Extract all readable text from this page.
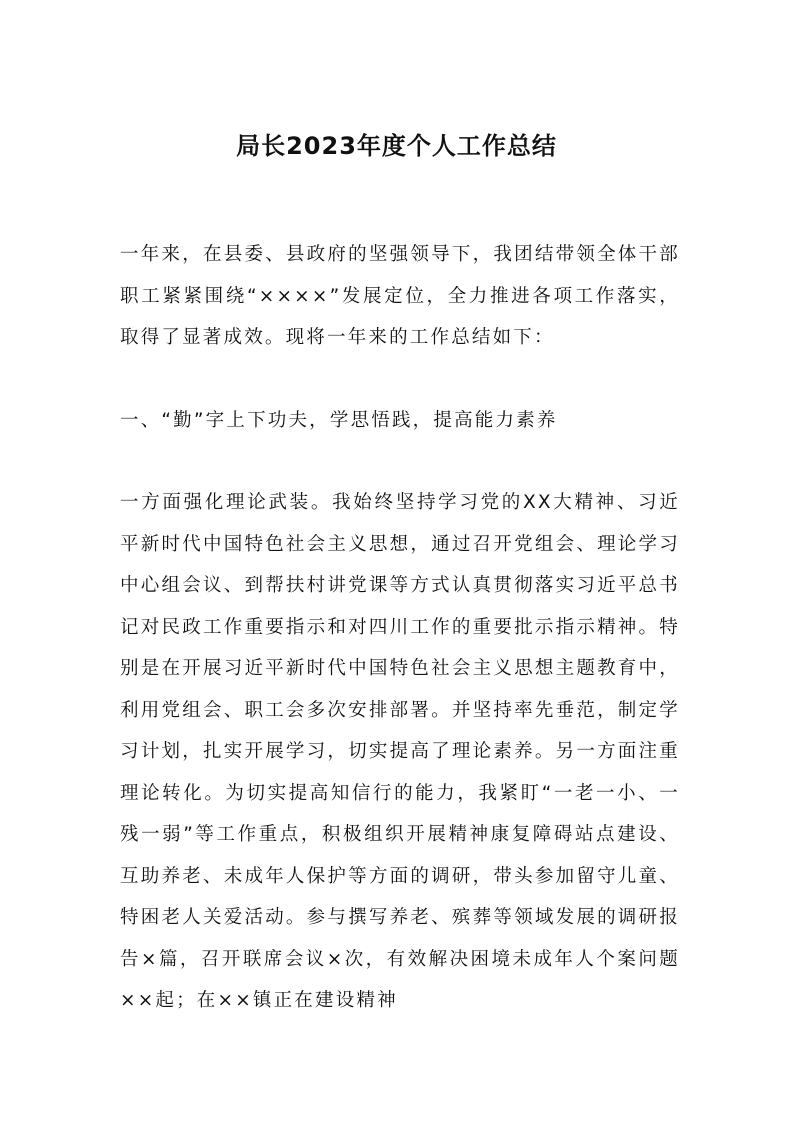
局长2023年度个人工作总结

一年来，在县委、县政府的坚强领导下，我团结带领全体干部职工紧紧围绕“××××”发展定位，全力推进各项工作落实，取得了显著成效。现将一年来的工作总结如下：

一、“勤”字上下功夫，学思悟践，提高能力素养

一方面强化理论武装。我始终坚持学习党的XX大精神、习近平新时代中国特色社会主义思想，通过召开党组会、理论学习中心组会议、到帮扶村讲党课等方式认真贯彻落实习近平总书记对民政工作重要指示和对四川工作的重要批示指示精神。特别是在开展习近平新时代中国特色社会主义思想主题教育中，利用党组会、职工会多次安排部署。并坚持率先垂范，制定学习计划，扎实开展学习，切实提高了理论素养。另一方面注重理论转化。为切实提高知信行的能力，我紧盯“一老一小、一残一弱”等工作重点，积极组织开展精神康复障碍站点建设、互助养老、未成年人保护等方面的调研，带头参加留守儿童、特困老人关爱活动。参与撰写养老、殡葬等领域发展的调研报告×篇，召开联席会议×次，有效解决困境未成年人个案问题××起；在××镇正在建设精神
